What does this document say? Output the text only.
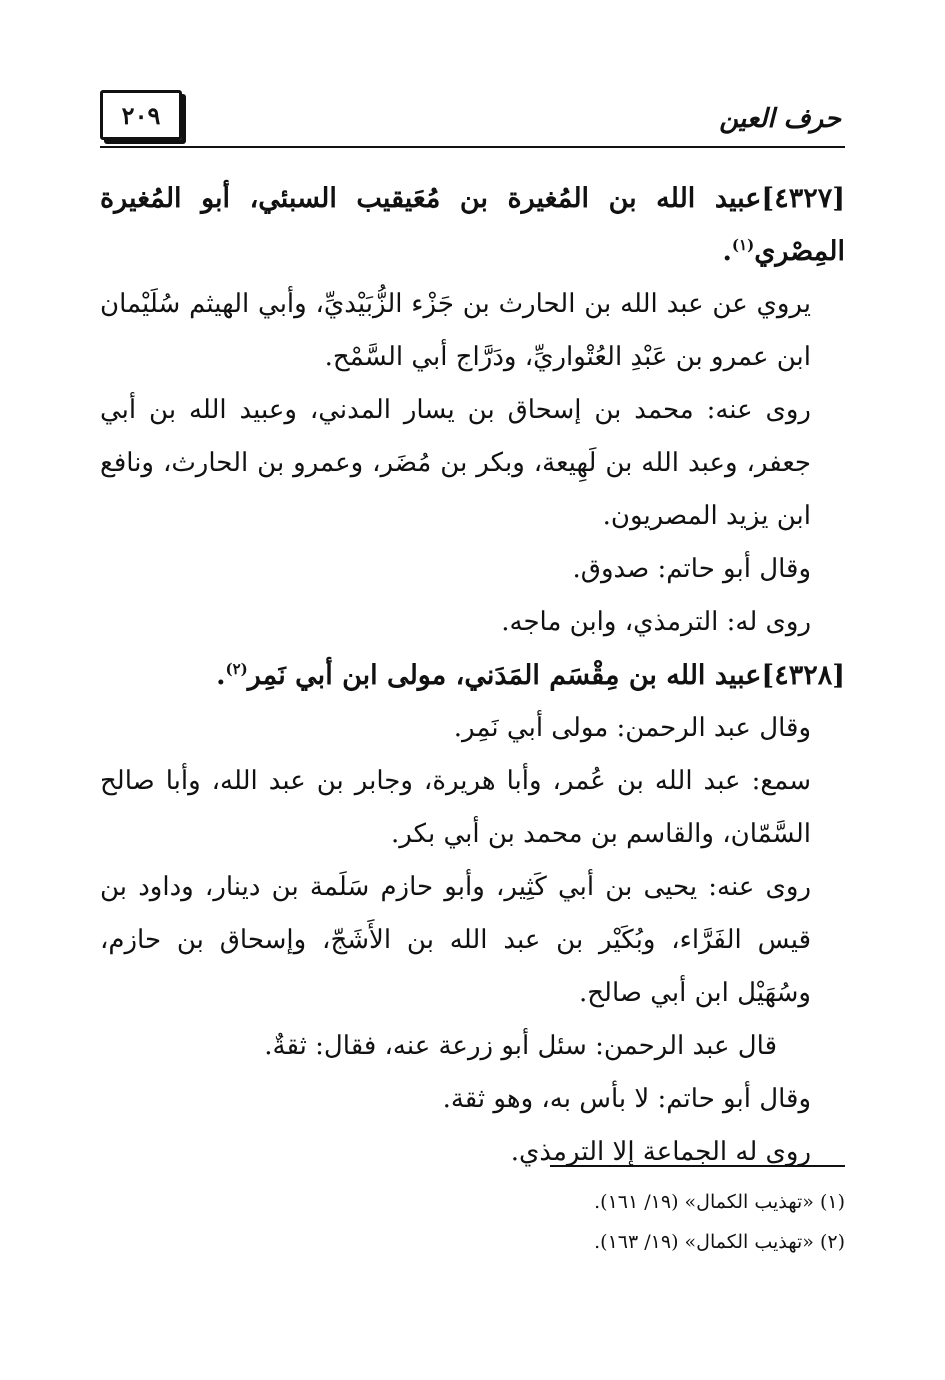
٢٠٩	حرف العين

[٤٣٢٧]عبيد الله بن المُغيرة بن مُعَيقيب السبئي، أبو المُغيرة المِصْري$^{(١)}$.

يروي عن عبد الله بن الحارث بن جَزْء الزُّبَيْديِّ، وأبي الهيثم سُلَيْمان ابن عمرو بن عَبْدِ العُتْواريِّ، ودَرَّاج أبي السَّمْح.

روى عنه: محمد بن إسحاق بن يسار المدني، وعبيد الله بن أبي جعفر، وعبد الله بن لَهِيعة، وبكر بن مُضَر، وعمرو بن الحارث، ونافع ابن يزيد المصريون.

وقال أبو حاتم: صدوق.

روى له: الترمذي، وابن ماجه.

[٤٣٢٨]عبيد الله بن مِقْسَم المَدَني، مولى ابن أبي نَمِر$^{(٢)}$.

وقال عبد الرحمن: مولى أبي نَمِر.

سمع: عبد الله بن عُمر، وأبا هريرة، وجابر بن عبد الله، وأبا صالح السَّمّان، والقاسم بن محمد بن أبي بكر.

روى عنه: يحيى بن أبي كَثِير، وأبو حازم سَلَمة بن دينار، وداود بن قيس الفَرَّاء، وبُكَيْر بن عبد الله بن الأَشَجّ، وإسحاق بن حازم، وسُهَيْل ابن أبي صالح.

قال عبد الرحمن: سئل أبو زرعة عنه، فقال: ثقةٌ.

وقال أبو حاتم: لا بأس به، وهو ثقة.

روى له الجماعة إلا الترمذي.

(١) «تهذيب الكمال» (١٩/ ١٦١).

(٢) «تهذيب الكمال» (١٩/ ١٦٣).
